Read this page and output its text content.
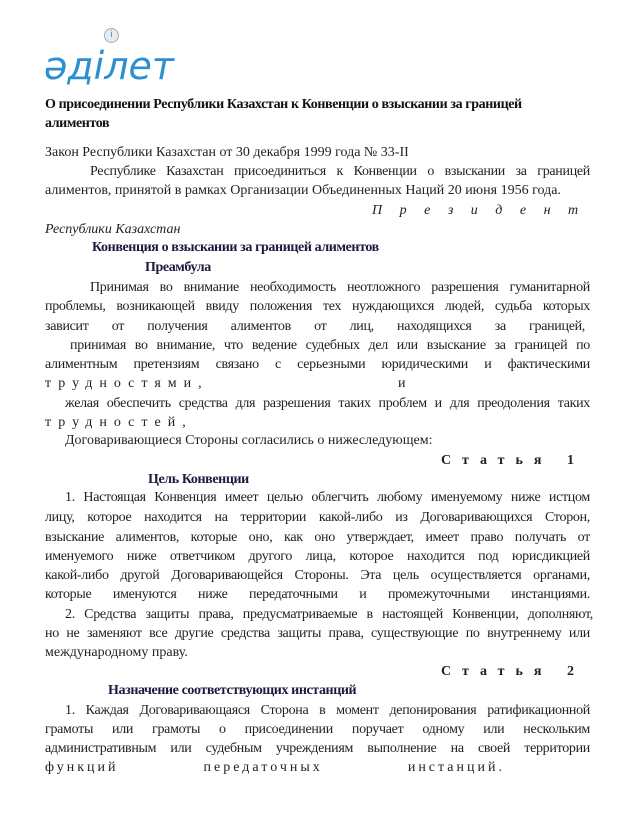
әділет
i
О присоединении Республики Казахстан к Конвенции о взыскании за границей
алиментов
Закон Республики Казахстан от 30 декабря 1999 года № 33-II
Республике Казахстан присоединиться к Конвенции о взыскании за границей
алиментов, принятой в рамках Организации Объединенных Наций 20 июня 1956 года.
П р е з и д е н т
Республики Казахстан
Конвенция о взыскании за границей алиментов
Преамбула
Принимая во внимание необходимость неотложного разрешения гуманитарной
проблемы, возникающей ввиду положения тех нуждающихся людей, судьба которых
зависит от получения алиментов от лиц, находящихся за границей,
принимая во внимание, что ведение судебных дел или взыскание за границей по
алиментным претензиям связано с серьезными юридическими и фактическими
трудностями,	и
желая обеспечить средства для разрешения таких проблем и для преодоления таких
трудностей,
Договаривающиеся Стороны согласились о нижеследующем:
Статья 1
Цель Конвенции
1. Настоящая Конвенция имеет целью облегчить любому именуемому ниже истцом
лицу, которое находится на территории какой-либо из Договаривающихся Сторон,
взыскание алиментов, которые оно, как оно утверждает, имеет право получать от
именуемого ниже ответчиком другого лица, которое находится под юрисдикцией
какой-либо другой Договаривающейся Стороны. Эта цель осуществляется органами,
которые именуются ниже передаточными и промежуточными инстанциями.
2. Средства защиты права, предусматриваемые в настоящей Конвенции, дополняют,
но не заменяют все другие средства защиты права, существующие по внутреннему или
международному праву.
Статья 2
Назначение соответствующих инстанций
1. Каждая Договаривающаяся Сторона в момент депонирования ратификационной
грамоты или грамоты о присоединении поручает одному или нескольким
административным или судебным учреждениям выполнение на своей территории
функций передаточных инстанций.
